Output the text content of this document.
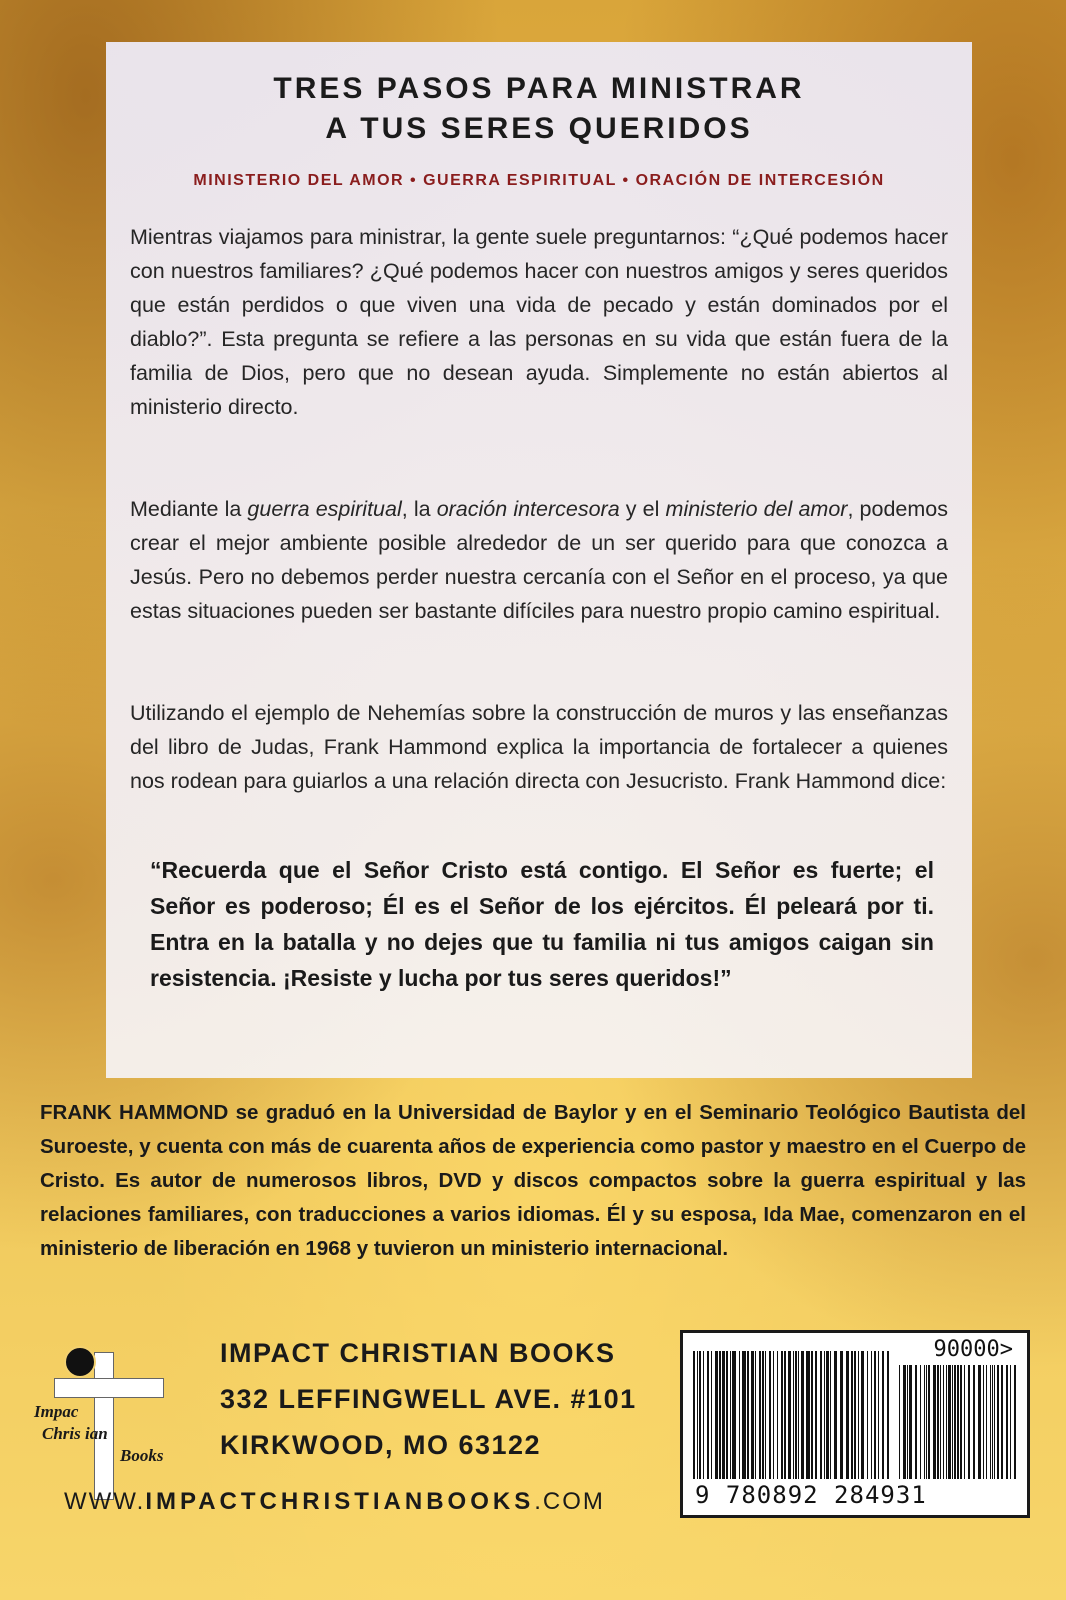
TRES PASOS PARA MINISTRAR
A TUS SERES QUERIDOS
MINISTERIO DEL AMOR • GUERRA ESPIRITUAL • ORACIÓN DE INTERCESIÓN

Mientras viajamos para ministrar, la gente suele preguntarnos: “¿Qué podemos hacer con nuestros familiares? ¿Qué podemos hacer con nuestros amigos y seres queridos que están perdidos o que viven una vida de pecado y están dominados por el diablo?”. Esta pregunta se refiere a las personas en su vida que están fuera de la familia de Dios, pero que no desean ayuda. Simplemente no están abiertos al ministerio directo.

Mediante la guerra espiritual, la oración intercesora y el ministerio del amor, podemos crear el mejor ambiente posible alrededor de un ser querido para que conozca a Jesús. Pero no debemos perder nuestra cercanía con el Señor en el proceso, ya que estas situaciones pueden ser bastante difíciles para nuestro propio camino espiritual.

Utilizando el ejemplo de Nehemías sobre la construcción de muros y las enseñanzas del libro de Judas, Frank Hammond explica la importancia de fortalecer a quienes nos rodean para guiarlos a una relación directa con Jesucristo. Frank Hammond dice:

“Recuerda que el Señor Cristo está contigo. El Señor es fuerte; el Señor es poderoso; Él es el Señor de los ejércitos. Él peleará por ti. Entra en la batalla y no dejes que tu familia ni tus amigos caigan sin resistencia. ¡Resiste y lucha por tus seres queridos!”

FRANK HAMMOND se graduó en la Universidad de Baylor y en el Seminario Teológico Bautista del Suroeste, y cuenta con más de cuarenta años de experiencia como pastor y maestro en el Cuerpo de Cristo. Es autor de numerosos libros, DVD y discos compactos sobre la guerra espiritual y las relaciones familiares, con traducciones a varios idiomas. Él y su esposa, Ida Mae, comenzaron en el ministerio de liberación en 1968 y tuvieron un ministerio internacional.

Impac
Chris ian
Books

IMPACT CHRISTIAN BOOKS

332 LEFFINGWELL AVE. #101

KIRKWOOD, MO 63122

WWW.IMPACTCHRISTIANBOOKS.COM
90000>
9 780892 284931
